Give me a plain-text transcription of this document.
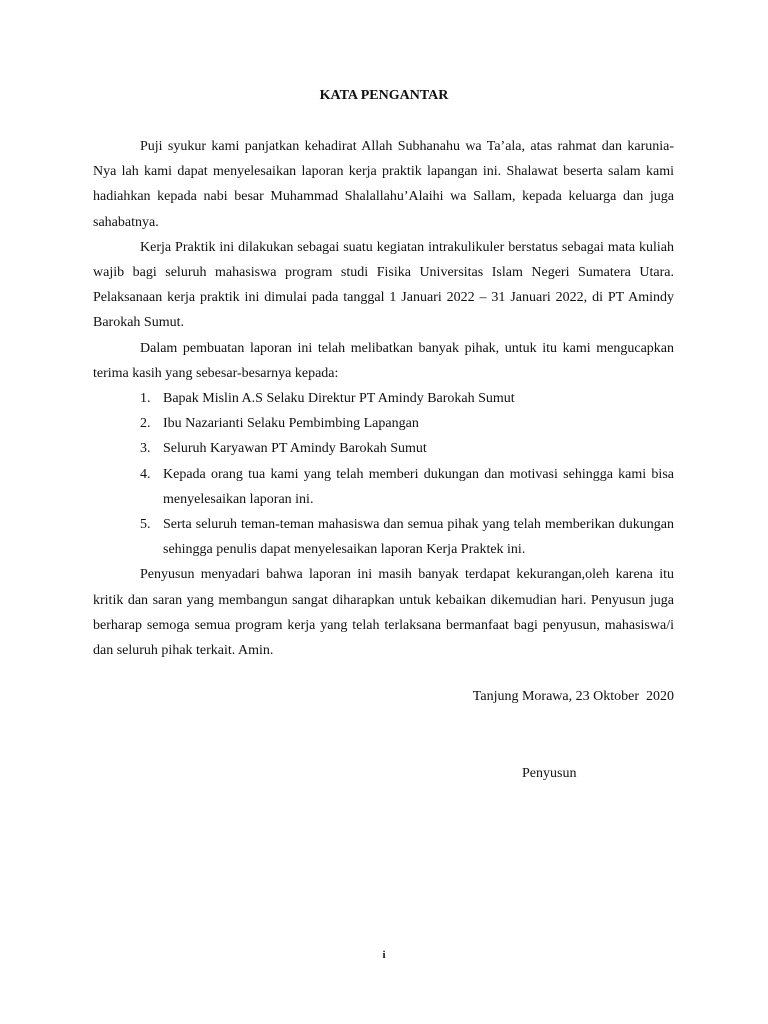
KATA PENGANTAR

Puji syukur kami panjatkan kehadirat Allah Subhanahu wa Ta’ala, atas rahmat dan karunia-Nya lah kami dapat menyelesaikan laporan kerja praktik lapangan ini. Shalawat beserta salam kami hadiahkan kepada nabi besar Muhammad Shalallahu’Alaihi wa Sallam, kepada keluarga dan juga sahabatnya.

Kerja Praktik ini dilakukan sebagai suatu kegiatan intrakulikuler berstatus sebagai mata kuliah wajib bagi seluruh mahasiswa program studi Fisika Universitas Islam Negeri Sumatera Utara. Pelaksanaan kerja praktik ini dimulai pada tanggal 1 Januari 2022 – 31 Januari 2022, di PT Amindy Barokah Sumut.

Dalam pembuatan laporan ini telah melibatkan banyak pihak, untuk itu kami mengucapkan terima kasih yang sebesar-besarnya kepada:

1. Bapak Mislin A.S Selaku Direktur PT Amindy Barokah Sumut
2. Ibu Nazarianti Selaku Pembimbing Lapangan
3. Seluruh Karyawan PT Amindy Barokah Sumut
4. Kepada orang tua kami yang telah memberi dukungan dan motivasi sehingga kami bisa menyelesaikan laporan ini.
5. Serta seluruh teman-teman mahasiswa dan semua pihak yang telah memberikan dukungan sehingga penulis dapat menyelesaikan laporan Kerja Praktek ini.

Penyusun menyadari bahwa laporan ini masih banyak terdapat kekurangan,oleh karena itu kritik dan saran yang membangun sangat diharapkan untuk kebaikan dikemudian hari. Penyusun juga berharap semoga semua program kerja yang telah terlaksana bermanfaat bagi penyusun, mahasiswa/i dan seluruh pihak terkait. Amin.

Tanjung Morawa, 23 Oktober  2020
Penyusun
i
